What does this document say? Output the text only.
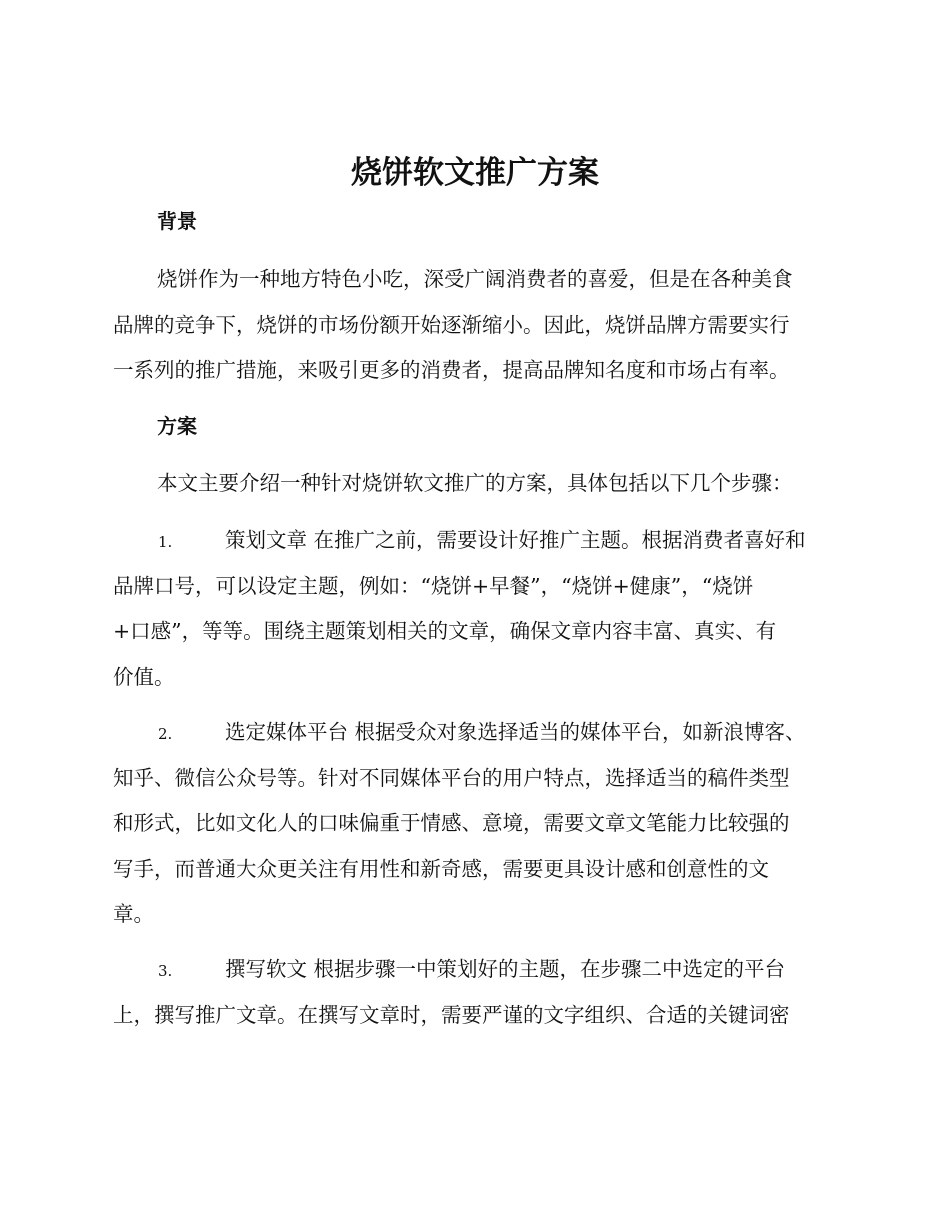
烧饼软文推广方案
背景

烧饼作为一种地方特色小吃，深受广阔消费者的喜爱，但是在各种美食
品牌的竞争下，烧饼的市场份额开始逐渐缩小。因此，烧饼品牌方需要实行
一系列的推广措施，来吸引更多的消费者，提高品牌知名度和市场占有率。

方案

本文主要介绍一种针对烧饼软文推广的方案，具体包括以下几个步骤：

1.	策划文章 在推广之前，需要设计好推广主题。根据消费者喜好和
品牌口号，可以设定主题，例如：“烧饼+早餐”，“烧饼+健康”，“烧饼
+口感”，等等。围绕主题策划相关的文章，确保文章内容丰富、真实、有
价值。

2.	选定媒体平台 根据受众对象选择适当的媒体平台，如新浪博客、
知乎、微信公众号等。针对不同媒体平台的用户特点，选择适当的稿件类型
和形式，比如文化人的口味偏重于情感、意境，需要文章文笔能力比较强的
写手，而普通大众更关注有用性和新奇感，需要更具设计感和创意性的文
章。

3.	撰写软文 根据步骤一中策划好的主题，在步骤二中选定的平台
上，撰写推广文章。在撰写文章时，需要严谨的文字组织、合适的关键词密
